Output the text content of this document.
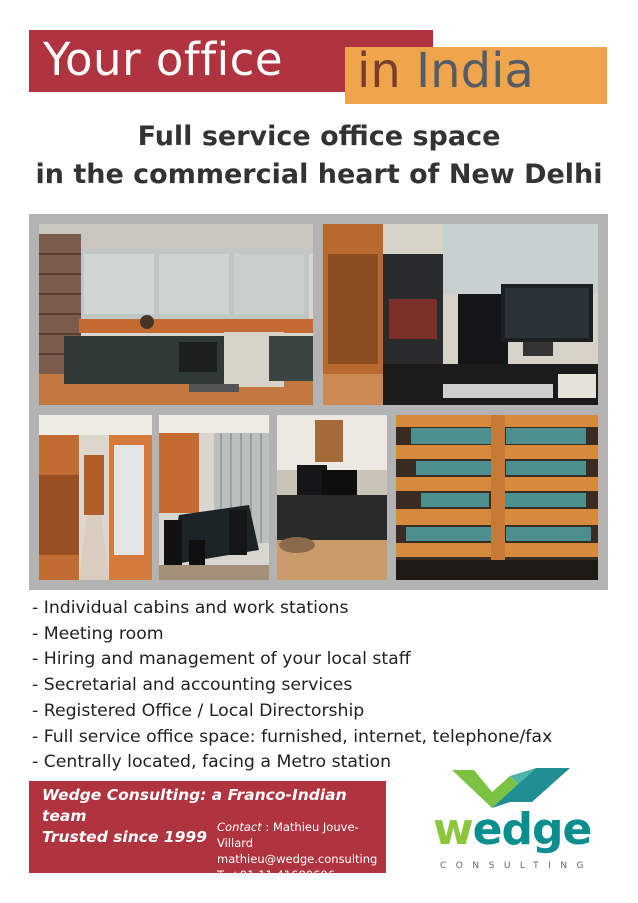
Your office in India
Full service office space
in the commercial heart of New Delhi
- Individual cabins and work stations
- Meeting room
- Hiring and management of your local staff
- Secretarial and accounting services
- Registered Office / Local Directorship
- Full service office space: furnished, internet, telephone/fax
- Centrally located, facing a Metro station
Wedge Consulting: a Franco-Indian team
Trusted since 1999
Contact : Mathieu Jouve-Villard
mathieu@wedge.consulting
T: +91 11 41680606
wedge
CONSULTING
